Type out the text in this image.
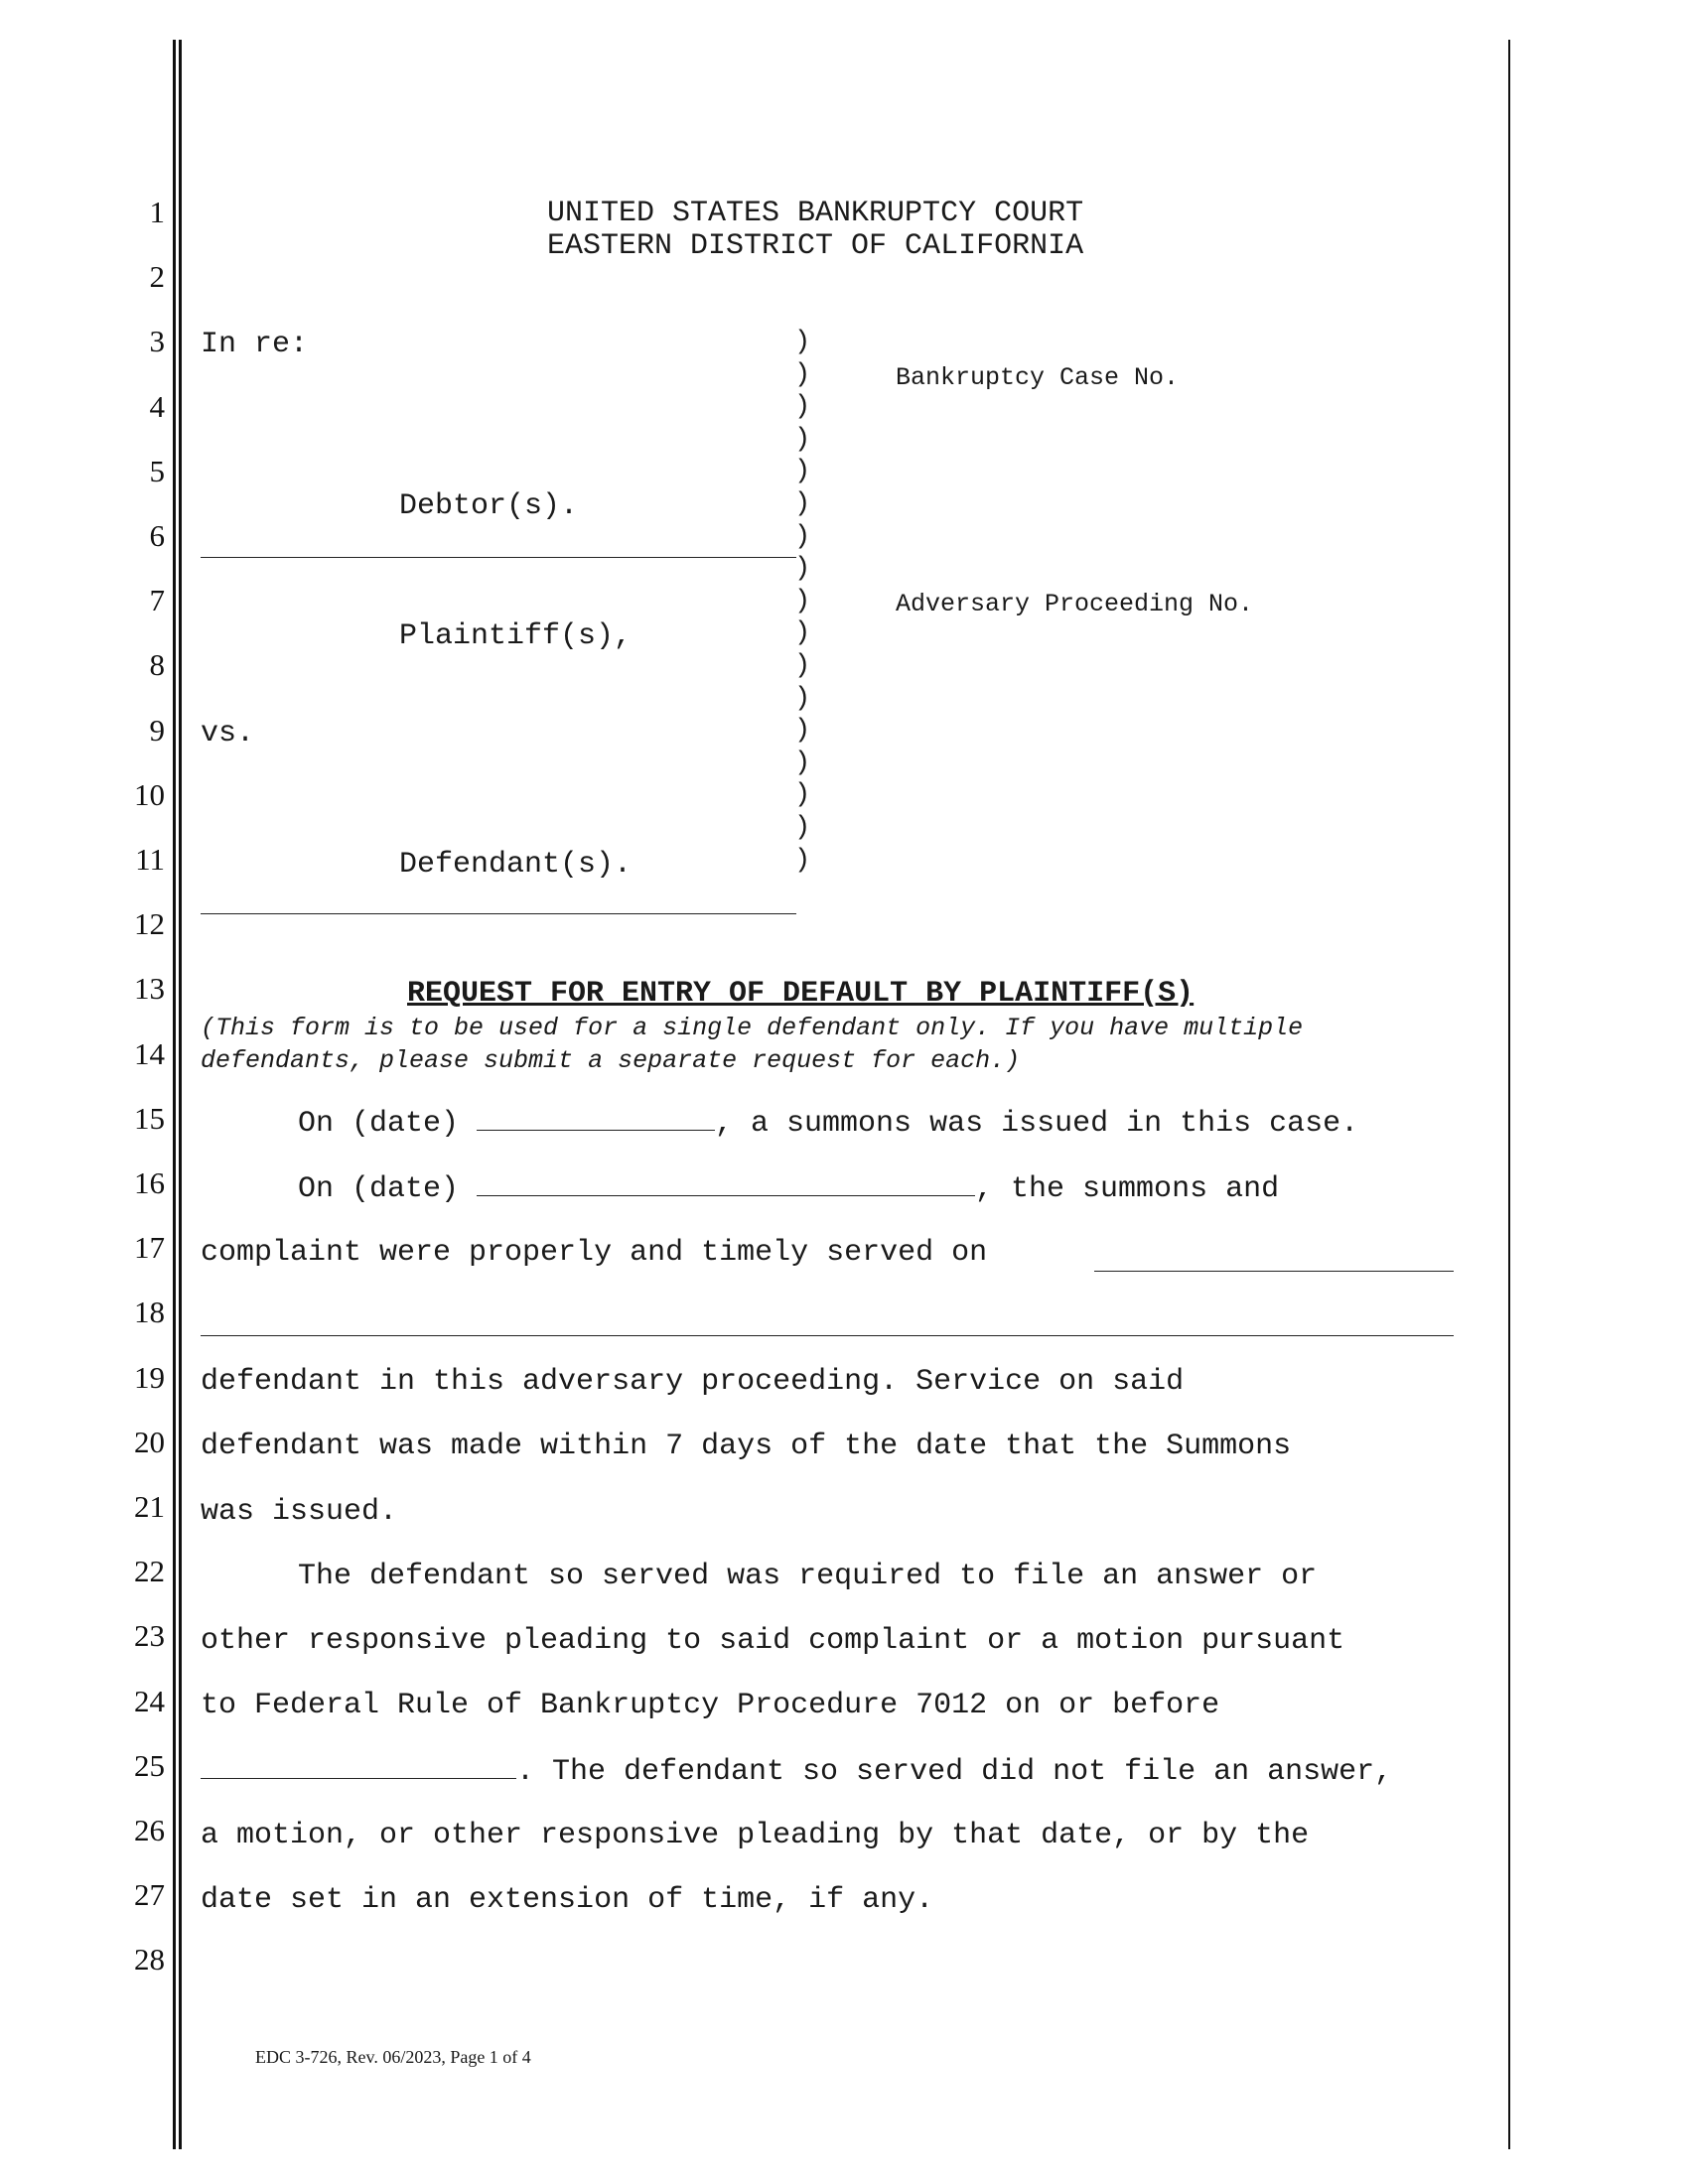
1
2
3
4
5
6
7
8
9
10
11
12
13
14
15
16
17
18
19
20
21
22
23
24
25
26
27
28
UNITED STATES BANKRUPTCY COURT
EASTERN DISTRICT OF CALIFORNIA
In re:
Debtor(s).
Plaintiff(s),
vs.
Defendant(s).
)
)
)
)
)
)
)
)
)
)
)
)
)
)
)
)
)
Bankruptcy Case No.
Adversary Proceeding No.
REQUEST FOR ENTRY OF DEFAULT BY PLAINTIFF(S)
(This form is to be used for a single defendant only. If you have multiple
defendants, please submit a separate request for each.)
On (date)	, a summons was issued in this case.
On (date)	, the summons and
complaint were properly and timely served on
defendant in this adversary proceeding. Service on said
defendant was made within 7 days of the date that the Summons
was issued.
The defendant so served was required to file an answer or
other responsive pleading to said complaint or a motion pursuant
to Federal Rule of Bankruptcy Procedure 7012 on or before
. The defendant so served did not file an answer,
a motion, or other responsive pleading by that date, or by the
date set in an extension of time, if any.
EDC 3-726, Rev. 06/2023, Page 1 of 4
